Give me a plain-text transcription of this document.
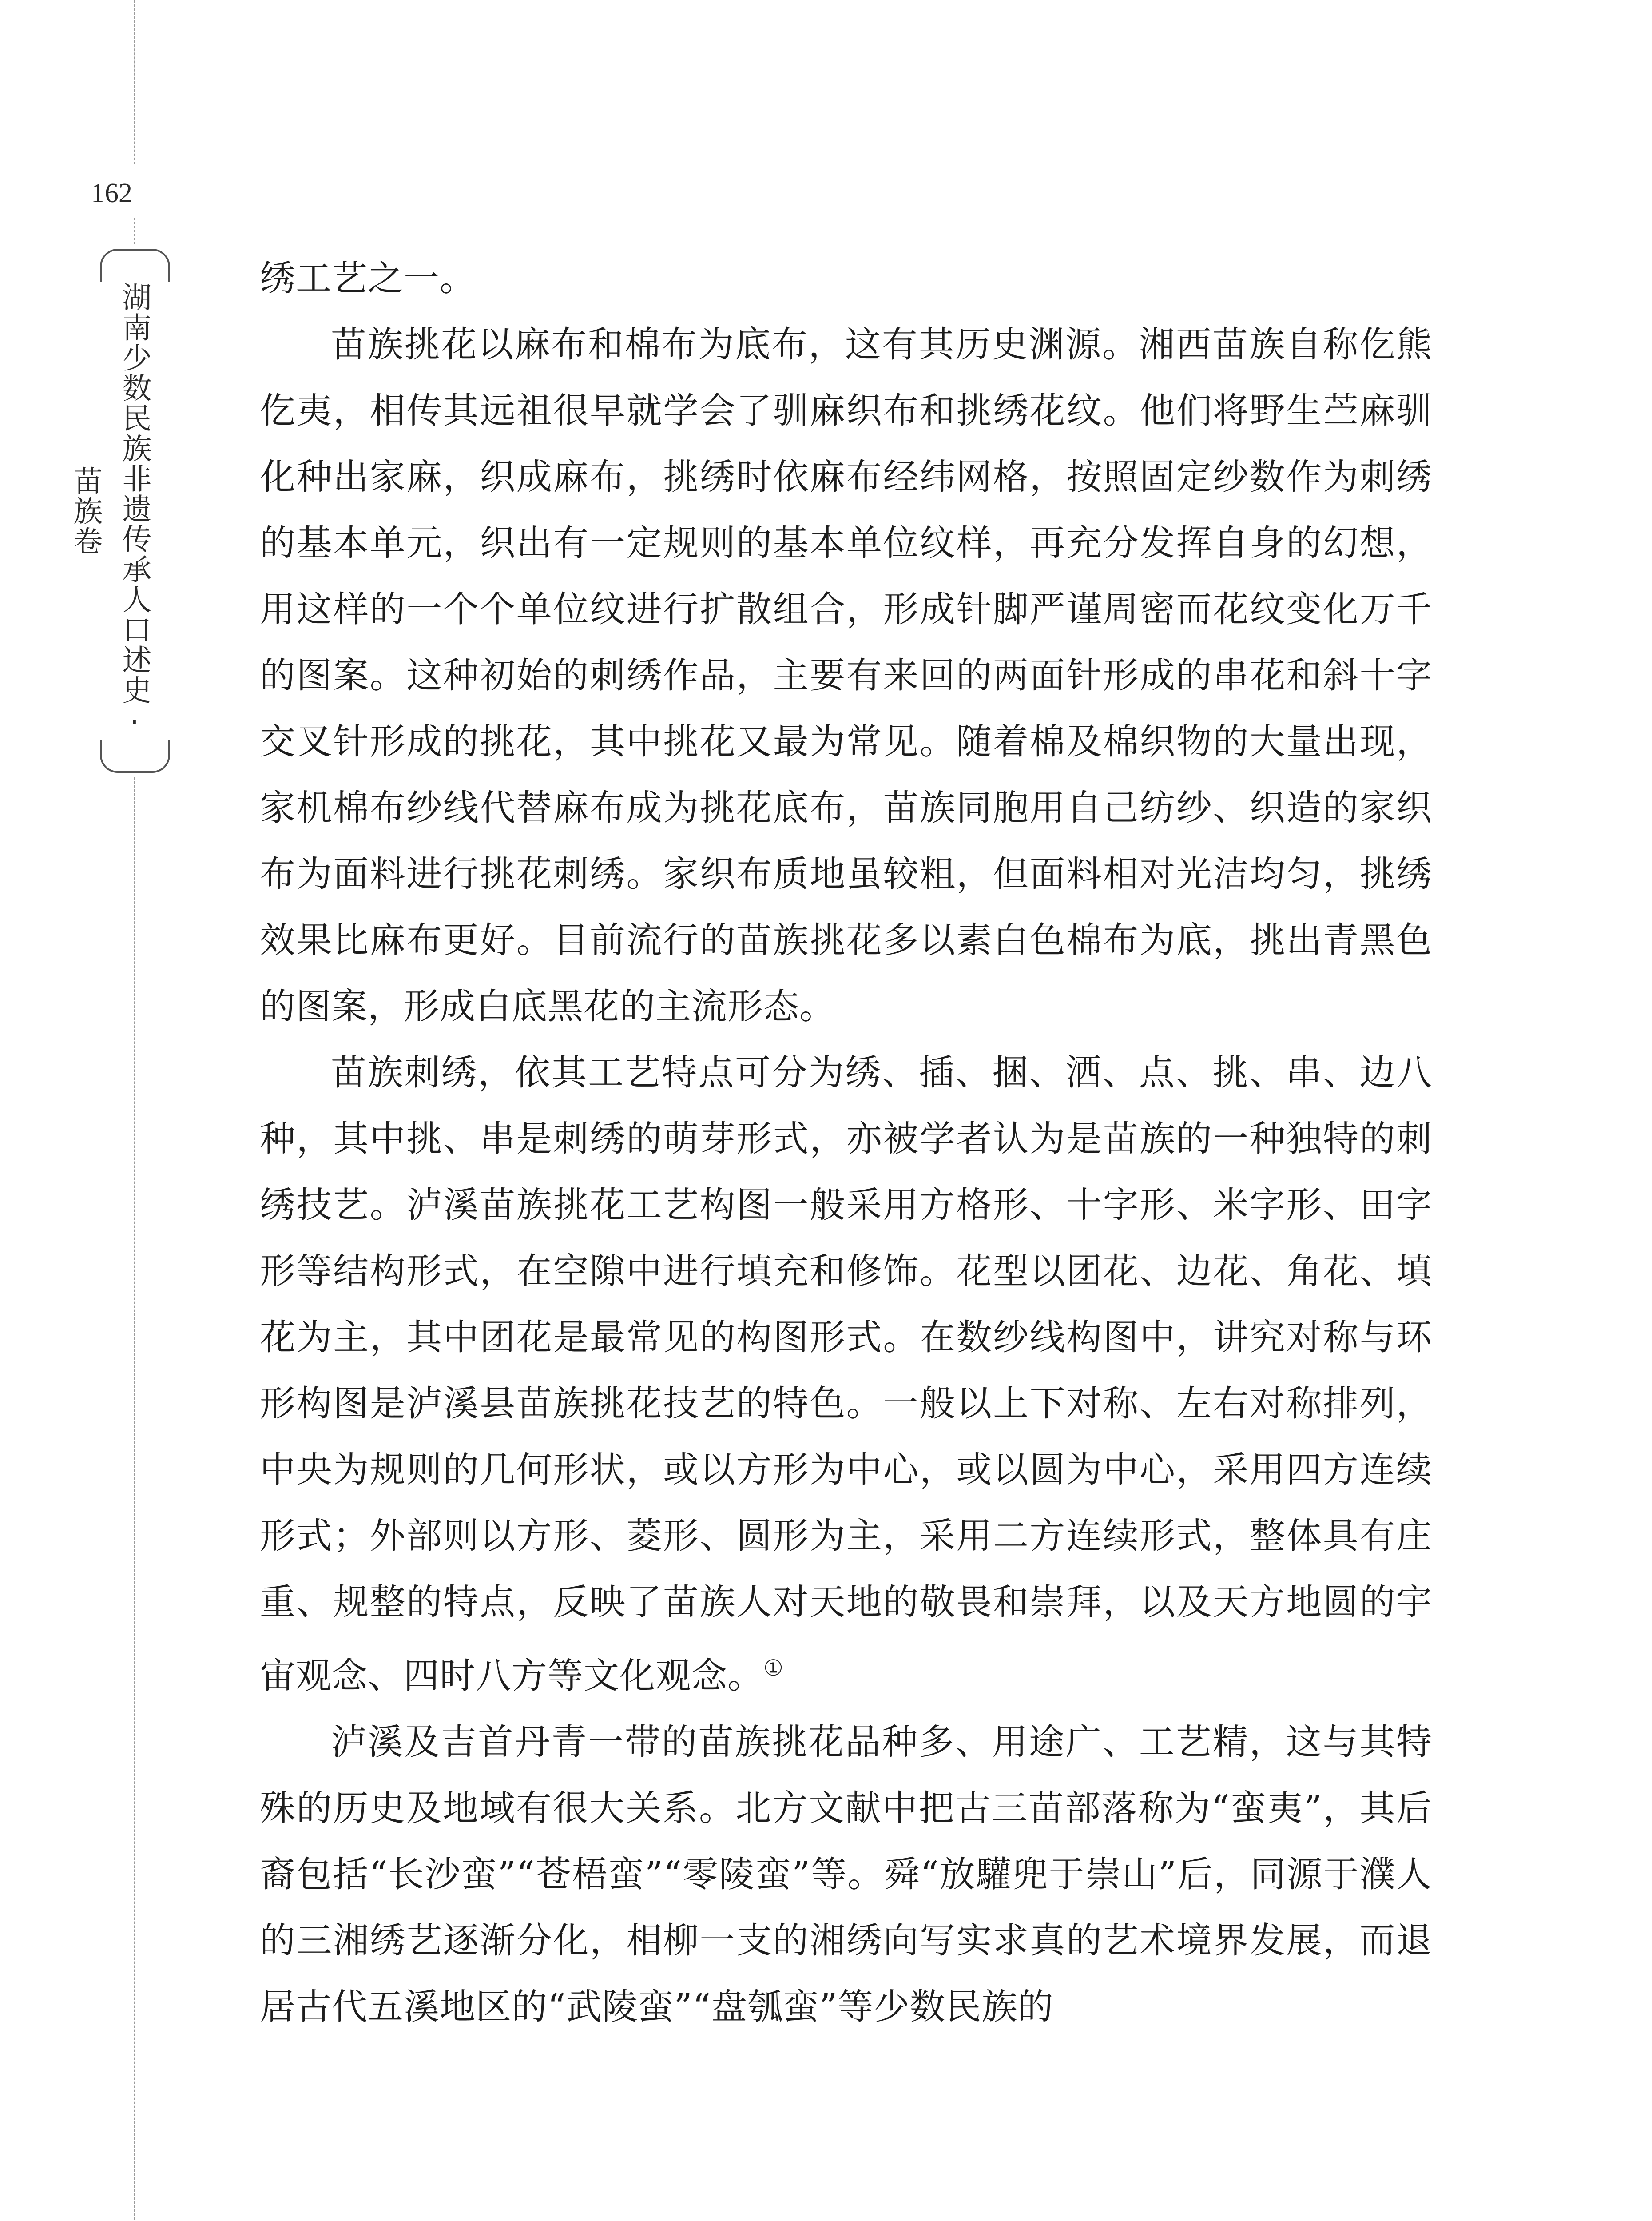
162
湖南少数民族非遗传承人口述史·苗族卷

绣工艺之一。

苗族挑花以麻布和棉布为底布，这有其历史渊源。湘西苗族自称仡熊仡夷，相传其远祖很早就学会了驯麻织布和挑绣花纹。他们将野生苎麻驯化种出家麻，织成麻布，挑绣时依麻布经纬网格，按照固定纱数作为刺绣的基本单元，织出有一定规则的基本单位纹样，再充分发挥自身的幻想，用这样的一个个单位纹进行扩散组合，形成针脚严谨周密而花纹变化万千的图案。这种初始的刺绣作品，主要有来回的两面针形成的串花和斜十字交叉针形成的挑花，其中挑花又最为常见。随着棉及棉织物的大量出现，家机棉布纱线代替麻布成为挑花底布，苗族同胞用自己纺纱、织造的家织布为面料进行挑花刺绣。家织布质地虽较粗，但面料相对光洁均匀，挑绣效果比麻布更好。目前流行的苗族挑花多以素白色棉布为底，挑出青黑色的图案，形成白底黑花的主流形态。

苗族刺绣，依其工艺特点可分为绣、插、捆、洒、点、挑、串、边八种，其中挑、串是刺绣的萌芽形式，亦被学者认为是苗族的一种独特的刺绣技艺。泸溪苗族挑花工艺构图一般采用方格形、十字形、米字形、田字形等结构形式，在空隙中进行填充和修饰。花型以团花、边花、角花、填花为主，其中团花是最常见的构图形式。在数纱线构图中，讲究对称与环形构图是泸溪县苗族挑花技艺的特色。一般以上下对称、左右对称排列，中央为规则的几何形状，或以方形为中心，或以圆为中心，采用四方连续形式；外部则以方形、菱形、圆形为主，采用二方连续形式，整体具有庄重、规整的特点，反映了苗族人对天地的敬畏和崇拜，以及天方地圆的宇宙观念、四时八方等文化观念。①

泸溪及吉首丹青一带的苗族挑花品种多、用途广、工艺精，这与其特殊的历史及地域有很大关系。北方文献中把古三苗部落称为“蛮夷”，其后裔包括“长沙蛮”“苍梧蛮”“零陵蛮”等。舜“放驩兜于崇山”后，同源于濮人的三湘绣艺逐渐分化，相柳一支的湘绣向写实求真的艺术境界发展，而退居古代五溪地区的“武陵蛮”“盘瓠蛮”等少数民族的
